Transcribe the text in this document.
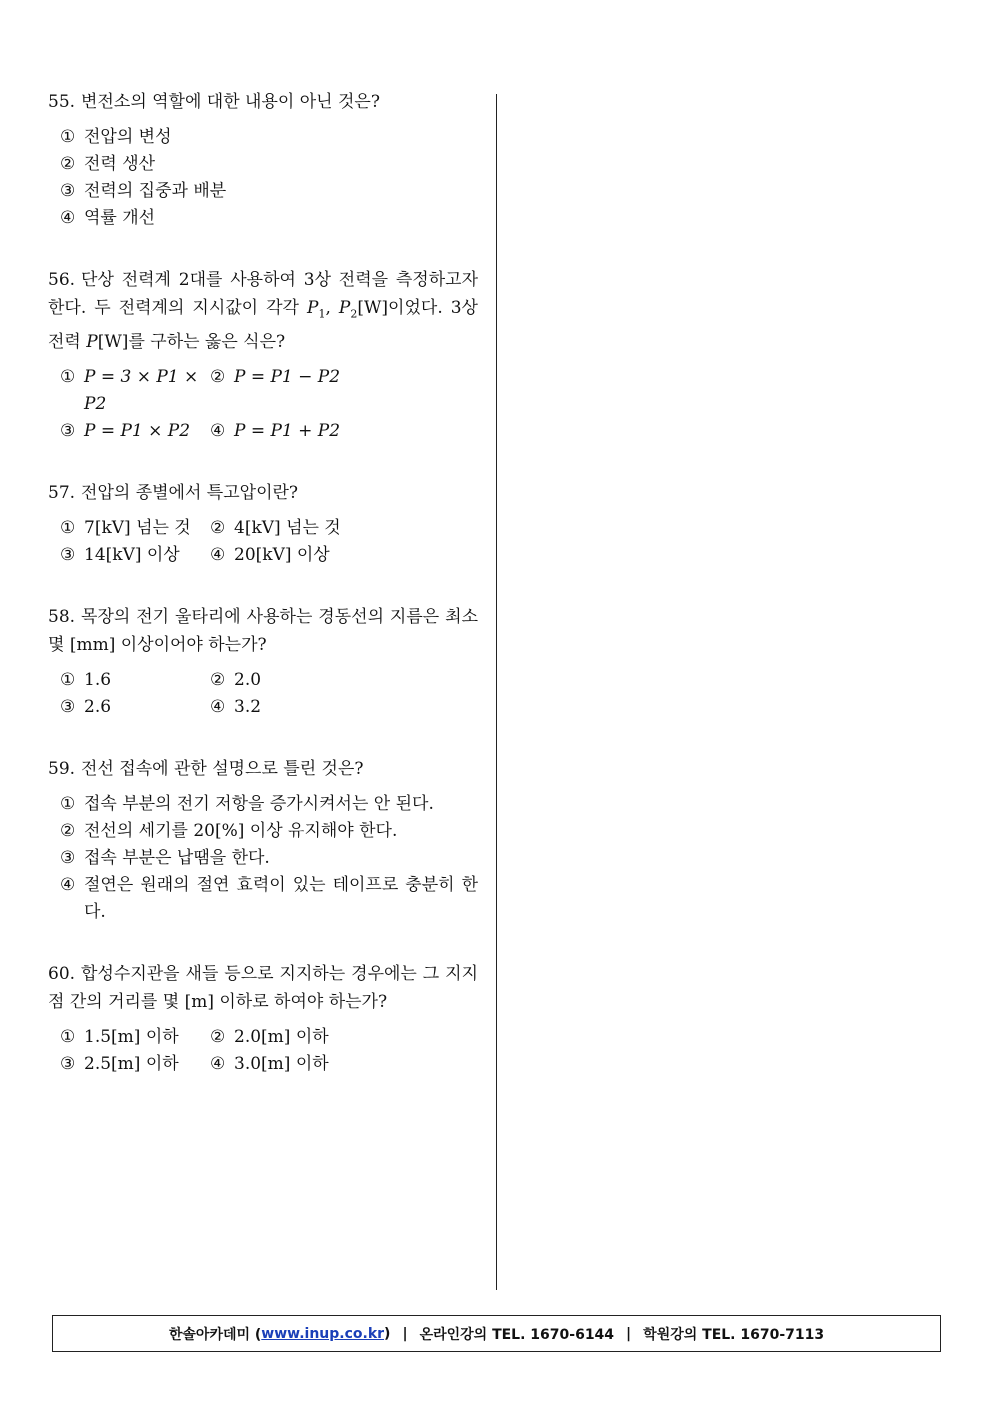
55. 변전소의 역할에 대한 내용이 아닌 것은?
① 전압의 변성
② 전력 생산
③ 전력의 집중과 배분
④ 역률 개선
56. 단상 전력계 2대를 사용하여 3상 전력을 측정하고자 한다. 두 전력계의 지시값이 각각 $P_1$, $P_2[W]$이었다. 3상 전력 P[W]를 구하는 옳은 식은?
① P = 3 × P1 × P2
② P = P1 − P2
③ P = P1 × P2 ④ P = P1 + P2
57. 전압의 종별에서 특고압이란?
① 7[kV] 넘는 것 ② 4[kV] 넘는 것
③ 14[kV] 이상 ④ 20[kV] 이상
58. 목장의 전기 울타리에 사용하는 경동선의 지름은 최소 몇 [mm] 이상이어야 하는가?
① 1.6	② 2.0
③ 2.6	④ 3.2
59. 전선 접속에 관한 설명으로 틀린 것은?
① 접속 부분의 전기 저항을 증가시켜서는 안 된다.
② 전선의 세기를 20[%] 이상 유지해야 한다.
③ 접속 부분은 납땜을 한다.
④ 절연은 원래의 절연 효력이 있는 테이프로 충분히 한다.
60. 합성수지관을 새들 등으로 지지하는 경우에는 그 지지점 간의 거리를 몇 [m] 이하로 하여야 하는가?
① 1.5[m] 이하 ② 2.0[m] 이하
③ 2.5[m] 이하 ④ 3.0[m] 이하
한솔아카데미 ( www.inup.co.kr ) | 온라인강의 TEL. 1670-6144 | 학원강의 TEL. 1670-7113
